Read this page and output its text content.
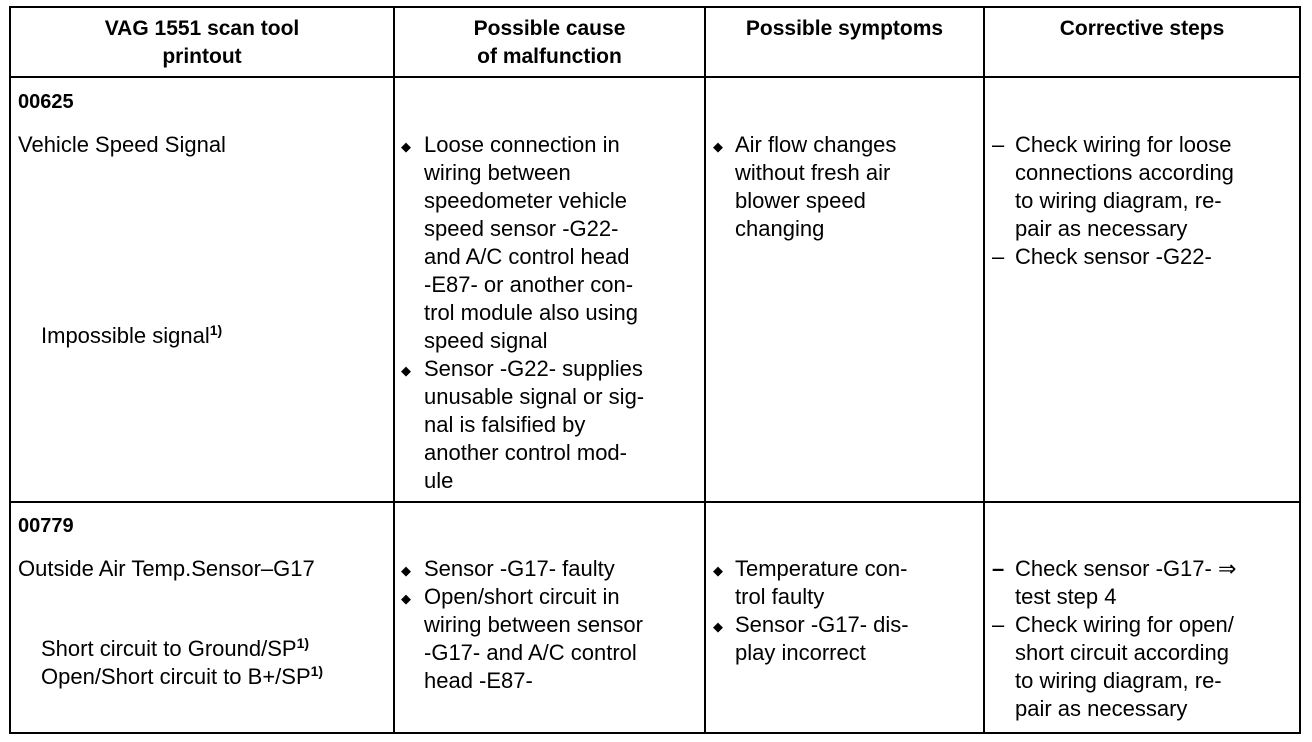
VAG 1551 scan tool
printout
Possible cause
of malfunction
Possible symptoms	Corrective steps
00625
Vehicle Speed Signal
Impossible signal$^{1)}$
◆ Loose connection in
wiring between
speedometer vehicle
speed sensor -G22-
and A/C control head
-E87- or another con-
trol module also using
speed signal
◆ Sensor -G22- supplies
unusable signal or sig-
nal is falsified by
another control mod-
ule
◆ Air flow changes
without fresh air
blower speed
changing
– Check wiring for loose
connections according
to wiring diagram, re-
pair as necessary
– Check sensor -G22-
00779
Outside Air Temp.Sensor–G17
Short circuit to Ground/SP$^{1)}$
Open/Short circuit to $B+/SP^{1)}$
◆ Sensor -G17- faulty
◆ Open/short circuit in
wiring between sensor
-G17- and A/C control
head -E87-
◆ Temperature con-
trol faulty
◆ Sensor -G17- dis-
play incorrect
– Check sensor -G17- ⇒
test step 4
– Check wiring for open/
short circuit according
to wiring diagram, re-
pair as necessary
